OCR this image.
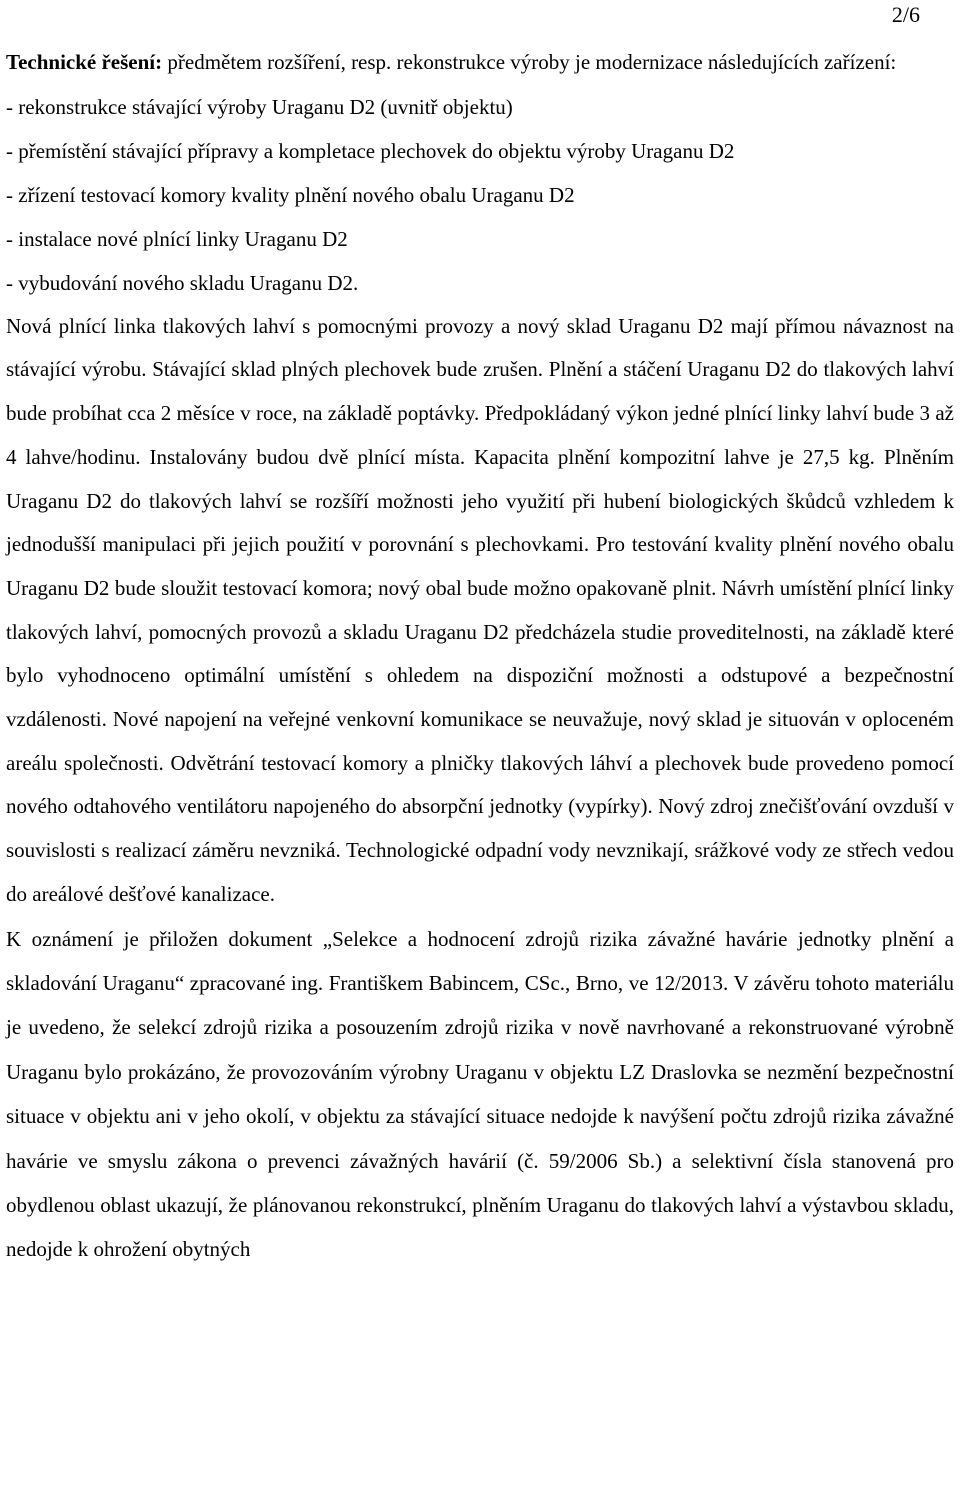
2/6

Technické řešení: předmětem rozšíření, resp. rekonstrukce výroby je modernizace následujících zařízení:

- rekonstrukce stávající výroby Uraganu D2 (uvnitř objektu)
- přemístění stávající přípravy a kompletace plechovek do objektu výroby Uraganu D2
- zřízení testovací komory kvality plnění nového obalu Uraganu D2
- instalace nové plnící linky Uraganu D2
- vybudování nového skladu Uraganu D2.

Nová plnící linka tlakových lahví s pomocnými provozy a nový sklad Uraganu D2 mají přímou návaznost na stávající výrobu. Stávající sklad plných plechovek bude zrušen. Plnění a stáčení Uraganu D2 do tlakových lahví bude probíhat cca 2 měsíce v roce, na základě poptávky. Předpokládaný výkon jedné plnící linky lahví bude 3 až 4 lahve/hodinu. Instalovány budou dvě plnící místa. Kapacita plnění kompozitní lahve je 27,5 kg. Plněním Uraganu D2 do tlakových lahví se rozšíří možnosti jeho využití při hubení biologických škůdců vzhledem k jednodušší manipulaci při jejich použití v porovnání s plechovkami. Pro testování kvality plnění nového obalu Uraganu D2 bude sloužit testovací komora; nový obal bude možno opakovaně plnit. Návrh umístění plnící linky tlakových lahví, pomocných provozů a skladu Uraganu D2 předcházela studie proveditelnosti, na základě které bylo vyhodnoceno optimální umístění s ohledem na dispoziční možnosti a odstupové a bezpečnostní vzdálenosti. Nové napojení na veřejné venkovní komunikace se neuvažuje, nový sklad je situován v oploceném areálu společnosti. Odvětrání testovací komory a plničky tlakových láhví a plechovek bude provedeno pomocí nového odtahového ventilátoru napojeného do absorpční jednotky (vypírky). Nový zdroj znečišťování ovzduší v souvislosti s realizací záměru nevzniká. Technologické odpadní vody nevznikají, srážkové vody ze střech vedou do areálové dešťové kanalizace.

K oznámení je přiložen dokument „Selekce a hodnocení zdrojů rizika závažné havárie jednotky plnění a skladování Uraganu“ zpracované ing. Františkem Babincem, CSc., Brno, ve 12/2013. V závěru tohoto materiálu je uvedeno, že selekcí zdrojů rizika a posouzením zdrojů rizika v nově navrhované a rekonstruované výrobně Uraganu bylo prokázáno, že provozováním výrobny Uraganu v objektu LZ Draslovka se nezmění bezpečnostní situace v objektu ani v jeho okolí, v objektu za stávající situace nedojde k navýšení počtu zdrojů rizika závažné havárie ve smyslu zákona o prevenci závažných havárií (č. 59/2006 Sb.) a selektivní čísla stanovená pro obydlenou oblast ukazují, že plánovanou rekonstrukcí, plněním Uraganu do tlakových lahví a výstavbou skladu, nedojde k ohrožení obytných
